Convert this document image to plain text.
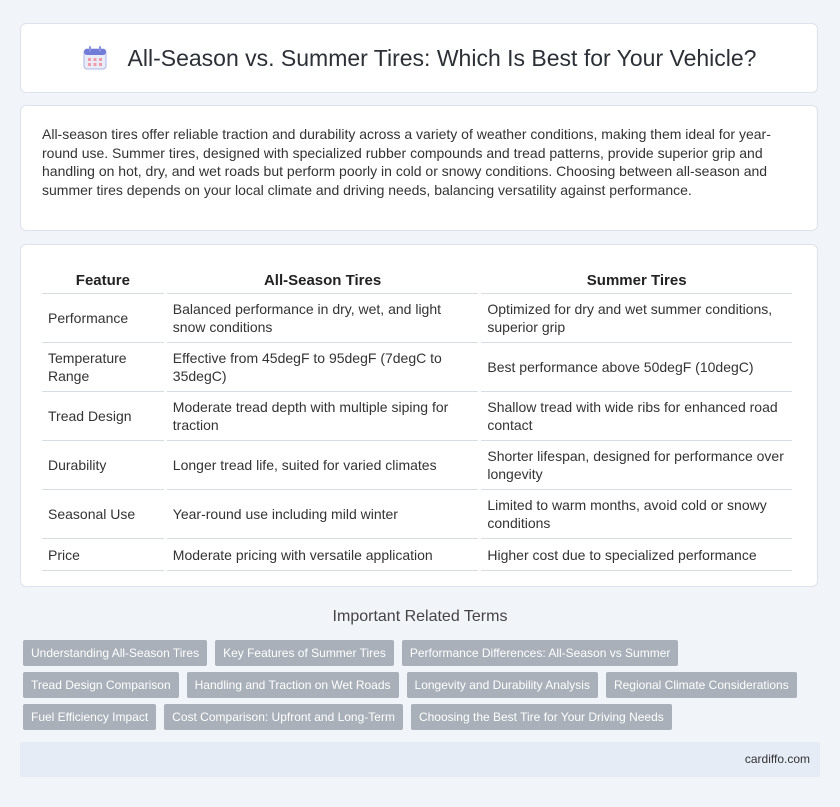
All-Season vs. Summer Tires: Which Is Best for Your Vehicle?

All-season tires offer reliable traction and durability across a variety of weather conditions, making them ideal for year-round use. Summer tires, designed with specialized rubber compounds and tread patterns, provide superior grip and handling on hot, dry, and wet roads but perform poorly in cold or snowy conditions. Choosing between all-season and summer tires depends on your local climate and driving needs, balancing versatility against performance.

Feature	All-Season Tires	Summer Tires
Performance	Balanced performance in dry, wet, and light snow conditions	Optimized for dry and wet summer conditions, superior grip
Temperature Range	Effective from 45degF to 95degF (7degC to 35degC)	Best performance above 50degF (10degC)
Tread Design	Moderate tread depth with multiple siping for traction	Shallow tread with wide ribs for enhanced road contact
Durability	Longer tread life, suited for varied climates	Shorter lifespan, designed for performance over longevity
Seasonal Use	Year-round use including mild winter	Limited to warm months, avoid cold or snowy conditions
Price	Moderate pricing with versatile application	Higher cost due to specialized performance
Important Related Terms
Understanding All-Season Tires	Key Features of Summer Tires	Performance Differences: All-Season vs Summer
Tread Design Comparison	Handling and Traction on Wet Roads	Longevity and Durability Analysis	Regional Climate Considerations
Fuel Efficiency Impact	Cost Comparison: Upfront and Long-Term	Choosing the Best Tire for Your Driving Needs
cardiffo.com
